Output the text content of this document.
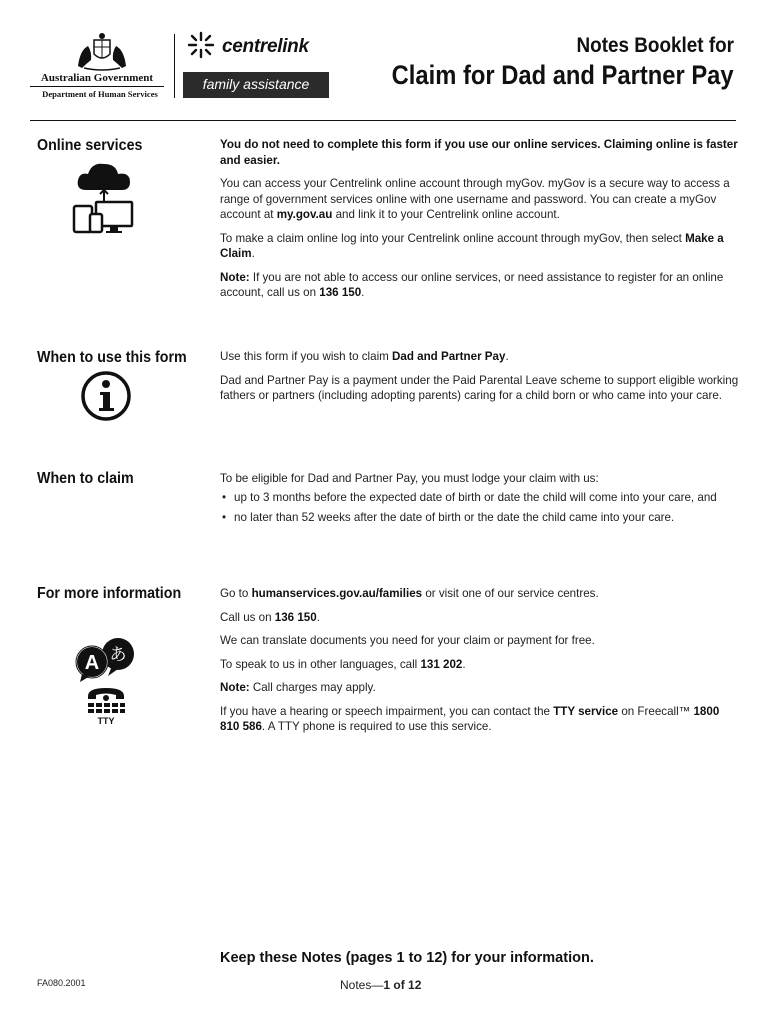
Australian Government
Department of Human Services
centrelink
family assistance
Notes Booklet for
Claim for Dad and Partner Pay
Online services	You do not need to complete this form if you use our online services. Claiming online is faster and easier.

You can access your Centrelink online account through myGov. myGov is a secure way to access a range of government services online with one username and password. You can create a myGov account at my.gov.au and link it to your Centrelink online account.

To make a claim online log into your Centrelink online account through myGov, then select Make a Claim.

Note: If you are not able to access our online services, or need assistance to register for an online account, call us on 136 150.

When to use this form	Use this form if you wish to claim Dad and Partner Pay.

Dad and Partner Pay is a payment under the Paid Parental Leave scheme to support eligible working fathers or partners (including adopting parents) caring for a child born or who came into your care.

When to claim	To be eligible for Dad and Partner Pay, you must lodge your claim with us:

• up to 3 months before the expected date of birth or date the child will come into your care, and
• no later than 52 weeks after the date of birth or the date the child came into your care.
For more information
あ
A
TTY

Go to humanservices.gov.au/families or visit one of our service centres.

Call us on 136 150.

We can translate documents you need for your claim or payment for free.

To speak to us in other languages, call 131 202.

Note: Call charges may apply.

If you have a hearing or speech impairment, you can contact the TTY service on Freecall™ 1800 810 586. A TTY phone is required to use this service.

Keep these Notes (pages 1 to 12) for your information.
FA080.2001	Notes—1 of 12
